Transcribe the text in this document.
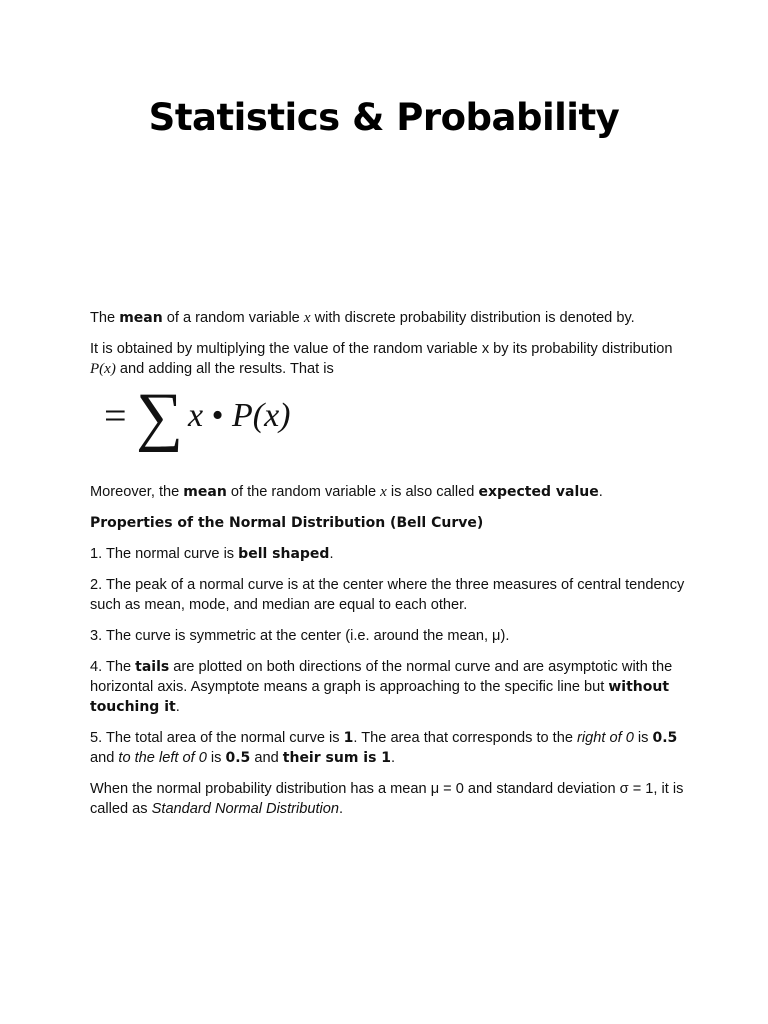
Statistics & Probability

The mean of a random variable x with discrete probability distribution is denoted by.

It is obtained by multiplying the value of the random variable x by its probability distribution P(x) and adding all the results. That is

= ∑ x • P(x)

Moreover, the mean of the random variable x is also called expected value.

Properties of the Normal Distribution (Bell Curve)

1. The normal curve is bell shaped.

2. The peak of a normal curve is at the center where the three measures of central tendency such as mean, mode, and median are equal to each other.

3. The curve is symmetric at the center (i.e. around the mean, μ).

4. The tails are plotted on both directions of the normal curve and are asymptotic with the horizontal axis. Asymptote means a graph is approaching to the specific line but without touching it.

5. The total area of the normal curve is 1. The area that corresponds to the right of 0 is 0.5 and to the left of 0 is 0.5 and their sum is 1.

When the normal probability distribution has a mean μ = 0 and standard deviation σ = 1, it is called as Standard Normal Distribution.
